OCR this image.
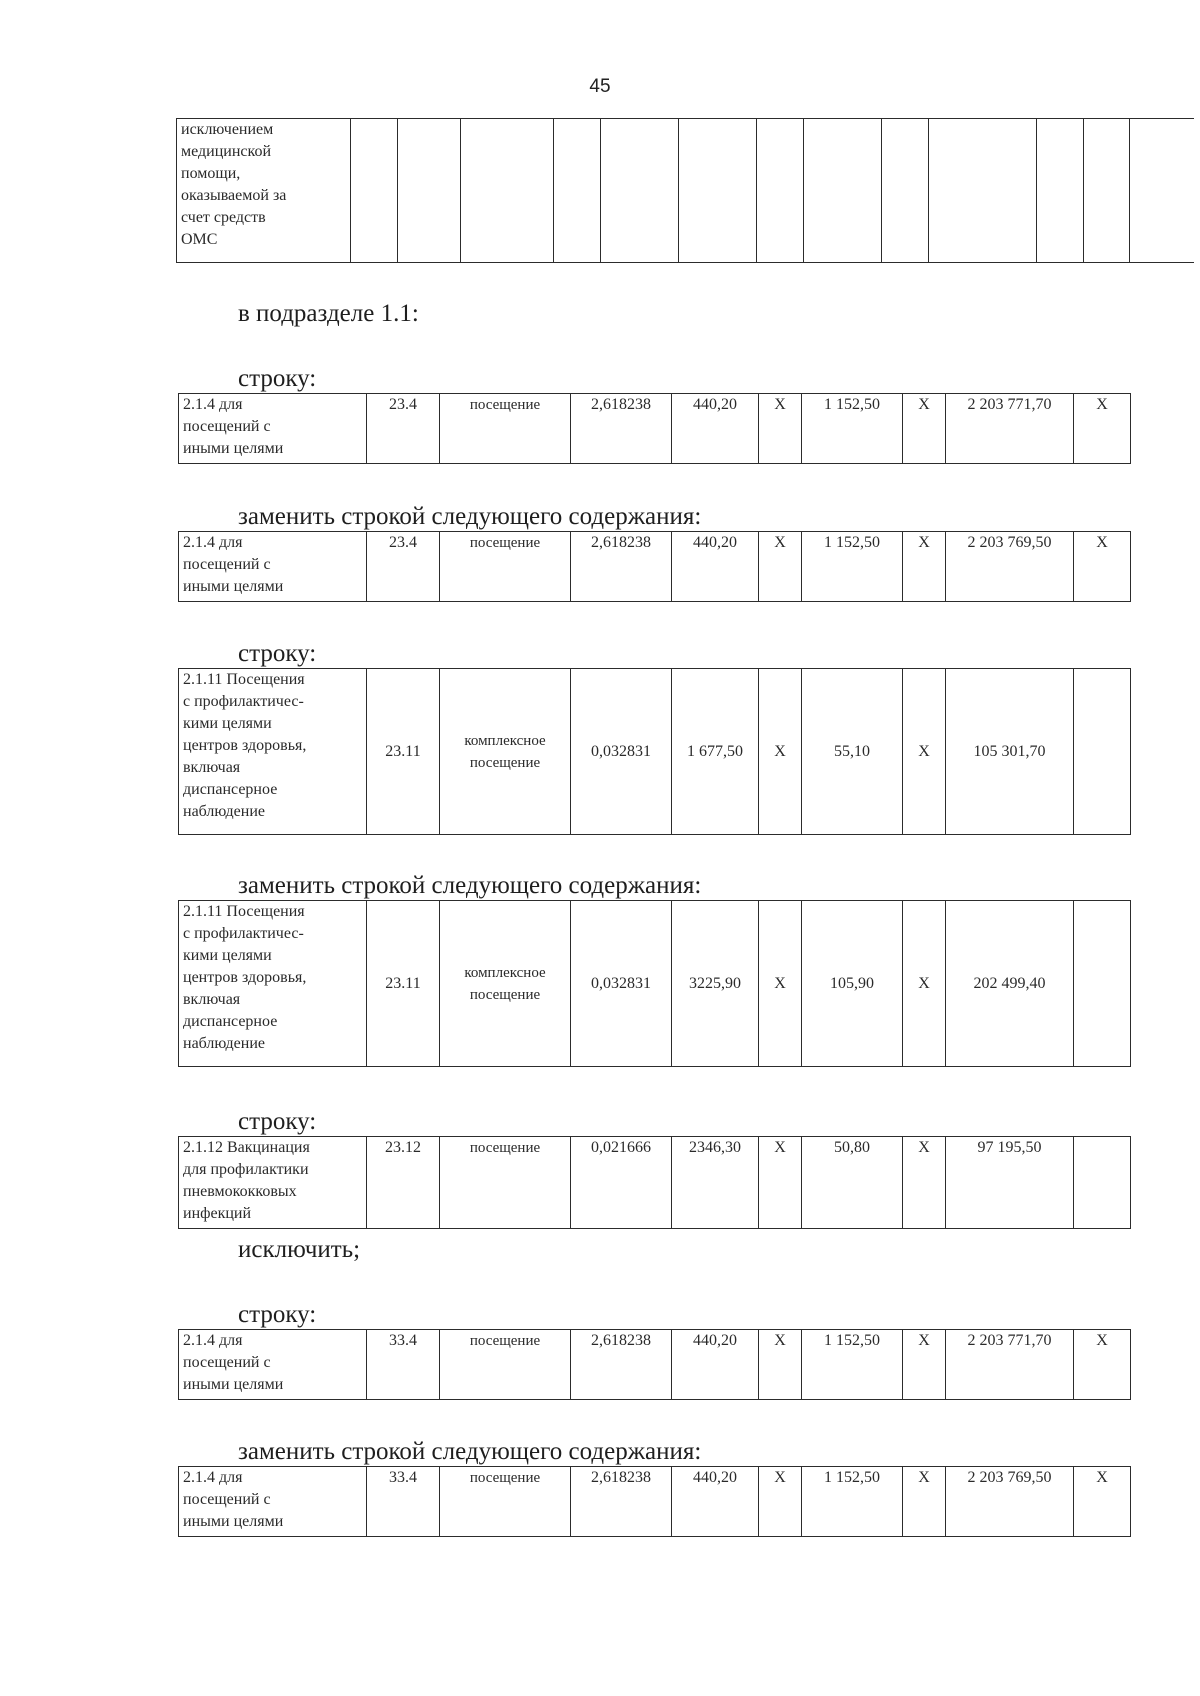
45
исключением
медицинской
помощи,
оказываемой за
счет средств
ОМС

в подразделе 1.1:
строку:
2.1.4 для
посещений с
иными целями
	23.4	посещение	2,618238	440,20	Х	1 152,50	Х	2 203 771,70	Х
заменить строкой следующего содержания:
2.1.4 для
посещений с
иными целями
	23.4	посещение	2,618238	440,20	Х	1 152,50	Х	2 203 769,50	Х
строку:
2.1.11 Посещения
с профилактичес-
кими целями
центров здоровья,
включая
диспансерное
наблюдение
	23.11	
комплексное
посещение
	0,032831	1 677,50	Х	55,10	Х	105 301,70	
заменить строкой следующего содержания:
2.1.11 Посещения
с профилактичес-
кими целями
центров здоровья,
включая
диспансерное
наблюдение
	23.11	
комплексное
посещение
	0,032831	3225,90	Х	105,90	Х	202 499,40	
строку:
2.1.12 Вакцинация
для профилактики
пневмококковых
инфекций
	23.12	посещение	0,021666	2346,30	Х	50,80	Х	97 195,50	
исключить;
строку:
2.1.4 для
посещений с
иными целями
	33.4	посещение	2,618238	440,20	Х	1 152,50	Х	2 203 771,70	Х
заменить строкой следующего содержания:
2.1.4 для
посещений с
иными целями
	33.4	посещение	2,618238	440,20	Х	1 152,50	Х	2 203 769,50	Х
